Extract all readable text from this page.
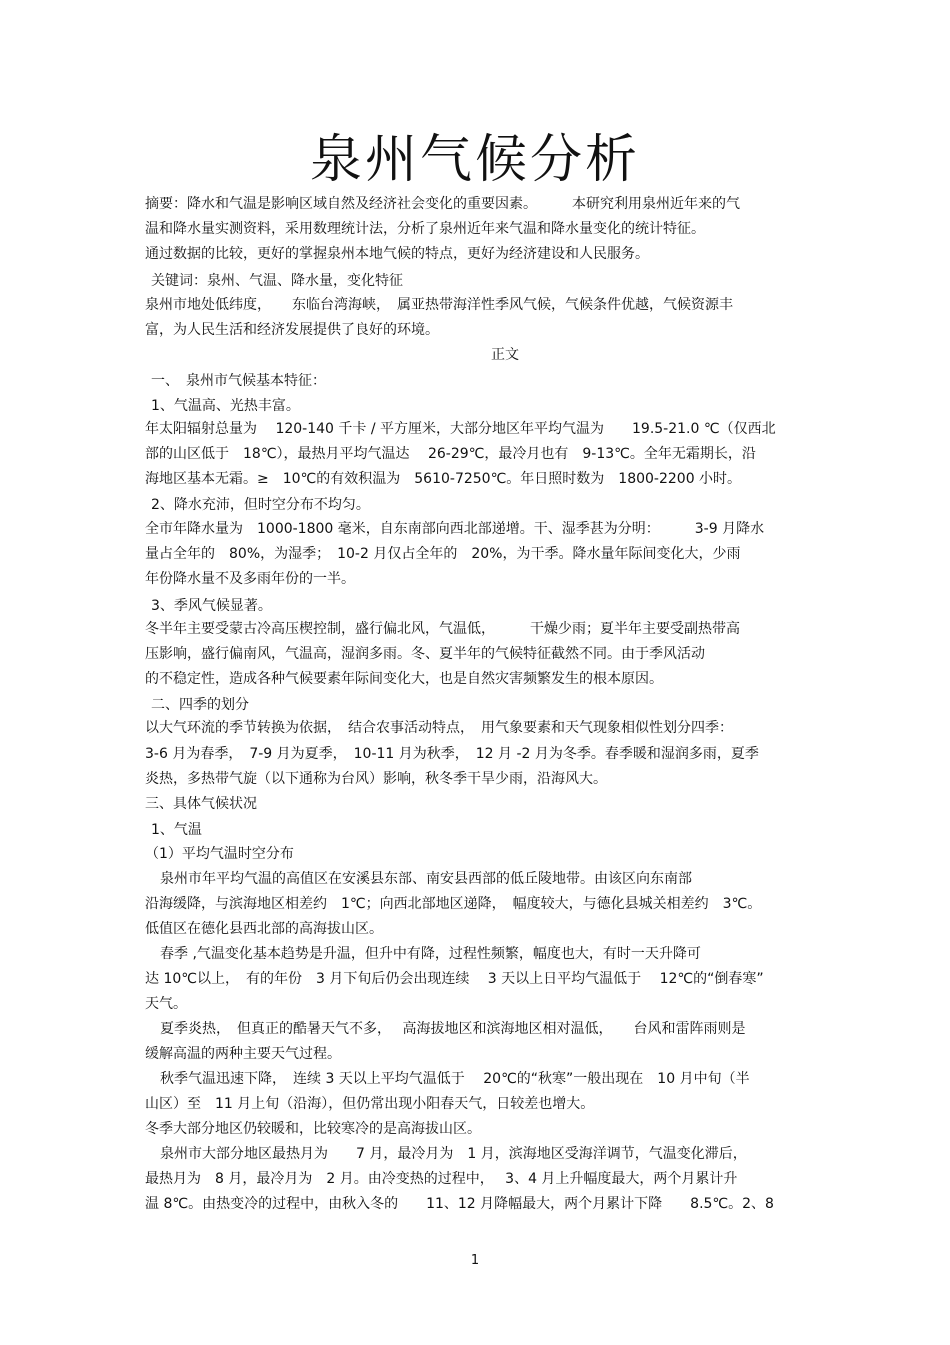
泉州气候分析
摘要：降水和气温是影响区域自然及经济社会变化的重要因素。　　　本研究利用泉州近年来的气
温和降水量实测资料，采用数理统计法，分析了泉州近年来气温和降水量变化的统计特征。
通过数据的比较，更好的掌握泉州本地气候的特点，更好为经济建设和人民服务。
关键词：泉州、气温、降水量，变化特征
泉州市地处低纬度，　　东临台湾海峡，　属亚热带海洋性季风气候，气候条件优越，气候资源丰
富，为人民生活和经济发展提供了良好的环境。
正文
一、　泉州市气候基本特征：
1、气温高、光热丰富。
年太阳辐射总量为　 120-140 千卡 / 平方厘米，大部分地区年平均气温为　　19.5-21.0 ℃（仅西北
部的山区低于　18℃），最热月平均气温达　 26-29℃，最冷月也有　9-13℃。全年无霜期长，沿
海地区基本无霜。≥　10℃的有效积温为　5610-7250℃。年日照时数为　1800-2200 小时。
2、降水充沛，但时空分布不均匀。
全市年降水量为　1000-1800 毫米，自东南部向西北部递增。干、湿季甚为分明：　　　3-9 月降水
量占全年的　80%，为湿季；　10-2 月仅占全年的　20%，为干季。降水量年际间变化大，少雨
年份降水量不及多雨年份的一半。
3、季风气候显著。
冬半年主要受蒙古冷高压楔控制，盛行偏北风，气温低，　　　干燥少雨；夏半年主要受副热带高
压影响，盛行偏南风，气温高，湿润多雨。冬、夏半年的气候特征截然不同。由于季风活动
的不稳定性，造成各种气候要素年际间变化大，也是自然灾害频繁发生的根本原因。
二、四季的划分
以大气环流的季节转换为依据，　结合农事活动特点，　用气象要素和天气现象相似性划分四季：
3-6 月为春季，　7-9 月为夏季，　10-11 月为秋季，　12 月 -2 月为冬季。春季暖和湿润多雨，夏季
炎热，多热带气旋（以下通称为台风）影响，秋冬季干旱少雨，沿海风大。
三、具体气候状况
1、气温
（1）平均气温时空分布
泉州市年平均气温的高值区在安溪县东部、南安县西部的低丘陵地带。由该区向东南部
沿海缓降，与滨海地区相差约　1℃；向西北部地区递降，　幅度较大，与德化县城关相差约　3℃。
低值区在德化县西北部的高海拔山区。
春季 ,气温变化基本趋势是升温，但升中有降，过程性频繁，幅度也大，有时一天升降可
达 10℃以上，　有的年份　3 月下旬后仍会出现连续　 3 天以上日平均气温低于　 12℃的“倒春寒”
天气。
夏季炎热，　但真正的酷暑天气不多，　 高海拔地区和滨海地区相对温低，　　台风和雷阵雨则是
缓解高温的两种主要天气过程。
秋季气温迅速下降，　连续 3 天以上平均气温低于　 20℃的“秋寒”一般出现在　10 月中旬（半
山区）至　11 月上旬（沿海），但仍常出现小阳春天气，日较差也增大。
冬季大部分地区仍较暖和，比较寒冷的是高海拔山区。
泉州市大部分地区最热月为　　7 月，最冷月为　1 月，滨海地区受海洋调节，气温变化滞后，
最热月为　8 月，最冷月为　2 月。由冷变热的过程中，　 3、4 月上升幅度最大，两个月累计升
温 8℃。由热变冷的过程中，由秋入冬的　　11、12 月降幅最大，两个月累计下降　　8.5℃。2、8
1
